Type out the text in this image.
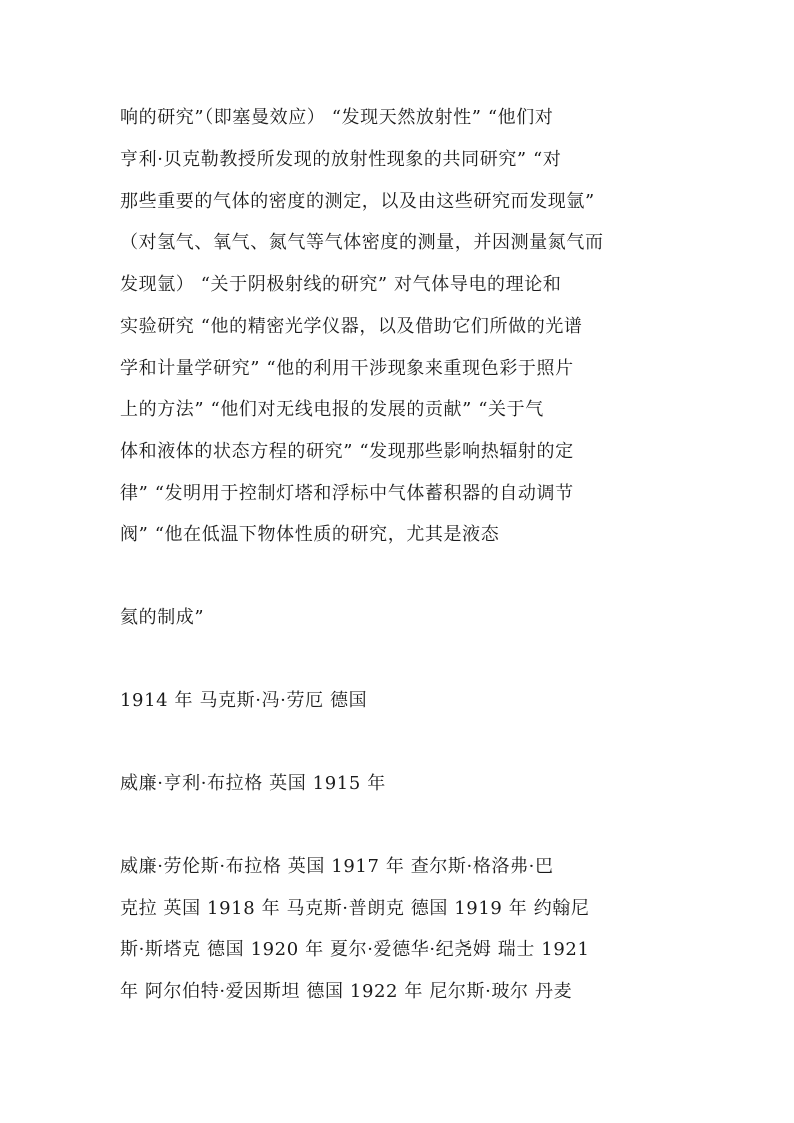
响的研究”（即塞曼效应） “发现天然放射性” “他们对
亨利·贝克勒教授所发现的放射性现象的共同研究” “对
那些重要的气体的密度的测定，以及由这些研究而发现氩”
（对氢气、氧气、氮气等气体密度的测量，并因测量氮气而
发现氩） “关于阴极射线的研究” 对气体导电的理论和
实验研究 “他的精密光学仪器，以及借助它们所做的光谱
学和计量学研究” “他的利用干涉现象来重现色彩于照片
上的方法” “他们对无线电报的发展的贡献” “关于气
体和液体的状态方程的研究” “发现那些影响热辐射的定
律” “发明用于控制灯塔和浮标中气体蓄积器的自动调节
阀” “他在低温下物体性质的研究，尤其是液态
氦的制成”
1914 年 马克斯·冯·劳厄 德国
威廉·亨利·布拉格 英国 1915 年
威廉·劳伦斯·布拉格 英国 1917 年 查尔斯·格洛弗·巴
克拉 英国 1918 年 马克斯·普朗克 德国 1919 年 约翰尼
斯·斯塔克 德国 1920 年 夏尔·爱德华·纪尧姆 瑞士 1921
年 阿尔伯特·爱因斯坦 德国 1922 年 尼尔斯·玻尔 丹麦
